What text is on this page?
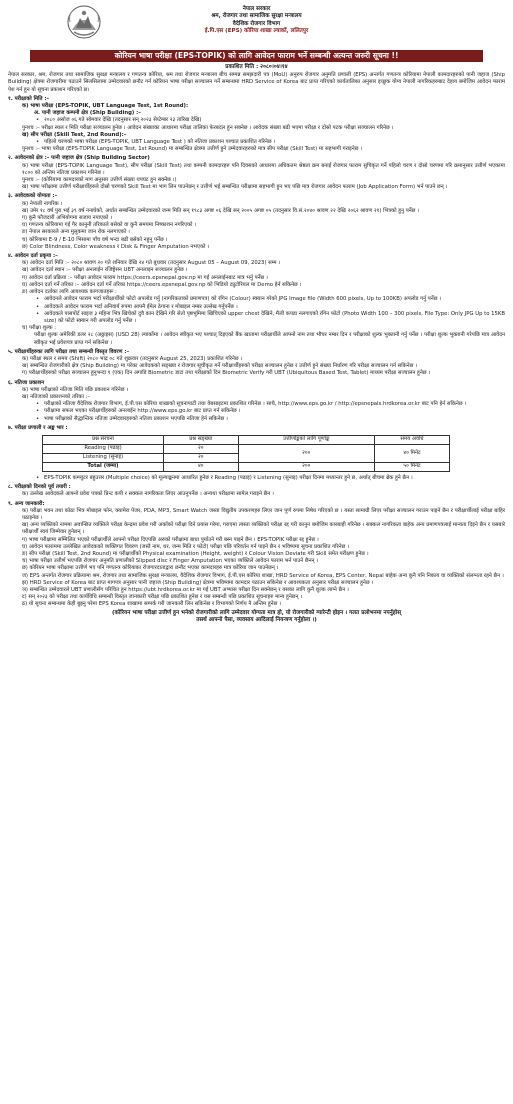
नेपाल सरकार
श्रम, रोजगार तथा सामाजिक सुरक्षा मन्त्रालय
वैदेशिक रोजगार विभाग
ई.पि.एस (EPS) कोरिया शाखा ल्याकों, ललितपुर
कोरियन भाषा परीक्षा (EPS-TOPIK) को लागि आवेदन फाराम भर्ने सम्बन्धी अत्यन्त जरुरी सूचना !!
प्रकाशित मिति : २०८०।०४।१४

नेपाल सरकार, श्रम, रोजगार तथा सामाजिक सुरक्षा मन्त्रालय र गणतन्त्र कोरिया, श्रम तथा रोजगार मन्त्रालय बीच सम्पन्न समझदारी पत्र (MoU) अनुरुप रोजगार अनुमति प्रणाली (EPS) अन्तर्गत गणतन्त्र कोरियामा नेपाली कामदारहरुको पानी जहाज (Ship Building) क्षेत्रमा रोजगारीमा पठाउने सिलसिलामा उम्मेदवारको छनौट गर्न कोरियन भाषा परीक्षा सञ्चालन गर्ने सम्बन्धमा HRD Service of Korea बाट प्राप्त गरिएको कार्यतालिका अनुसार इच्छुक योग्य नेपाली नागरिकहरुबाट देहाय बमोजिम आवेदन फाराम पेश गर्न हुन यो सूचना प्रकाशन गरिएको छ।

१. परीक्षाको मिति :–

क) भाषा परीक्षा (EPS-TOPIK, UBT Language Test, 1st Round):

अ. पानी जहाज कम्पनी क्षेत्र (Ship Building) :–

• २०८० असोज ०६ गते सोमवार देखि (तदनुसार सन् २०२३ सेप्टेम्बर २३ तारिख देखि)

पुनश्च :– परीक्षा स्थल र मिति परीक्षा सञ्चालन हुनेछ । आवेदन संख्याका आधारमा परीक्षा तालिका फेरबदल हुन सक्नेछ । आवेदक संख्या बढी भएमा परीक्षा र दोस्रो पटक परीक्षा सञ्चालन गरिनेछ ।

ख) सीप परीक्षा (Skill Test, 2nd Round):–

• पहिलो चरणको भाषा परीक्षा (EPS-TOPIK, UBT Language Test ) को नतिजा प्रकाशन पश्चात प्रकाशित गरिनेछ ।

पुनश्च :– भाषा परीक्षा (EPS-TOPIK Language Test, 1st Round) मा सम्बन्धित क्षेत्रमा उत्तीर्ण हुने उम्मेदवारहरुको मात्र सीप परीक्षा (Skill Test) मा सहभागी गराइनेछ ।

२. आवेदनको क्षेत्र :– पानी जहाज क्षेत्र (Ship Building Sector)

क) भाषा परीक्षा (EPS-TOPIK Language Test), सीप परीक्षा (Skill Test) तथा कम्पनी कामदारहरु पनि दिवसको आधारमा अधिकतम श्रेष्ठता क्रम बनाई रोजगार फाराम सुचिकृत गर्ने पहिलो चरण र दोस्रो चरणमा गरि क्रमानुसार उत्तीर्ण भएकामा १८०० को अन्तिम नतिजा प्रकाशन गरिनेछ ।

पुनश्च :– (कोरियामा कामदारको माग अनुसार उत्तीर्ण संख्या थपघट हुन सक्नेछ ।)

ख) भाषा परीक्षामा उत्तीर्ण परीक्षार्थीहरुले दोस्रो चरणको Skill Test मा भाग लिन पाउनेछन् र उत्तीर्ण भई सम्बन्धित परीक्षामा सहभागी हुन भए पछि मात्र रोजगार आवेदन फाराम (Job Application Form) भर्न पाउने छन् ।

३. आवेदकको योग्यता :–

क) नेपाली नागरिक ।

ख) उमेर १८ वर्ष पुरा भई ३९ वर्ष ननाघेको, अर्थात सम्बन्धित उम्मेदवारको जन्म मिति सन् १९८३ अगष्ट ०६ देखि सन् २००५ अगष्ट ०५ (तदनुसार वि.सं.२०४० श्रावण २२ देखि २०६२ श्रावण २१) भित्रको हुनु पर्नेछ ।

ग) कुनै फौजदारी अभियोगमा सजाय नपाएको ।

घ) गणतन्त्र कोरियामा गई गैर कानुनी तरिकाले बसेको वा कुनै समयमा निष्काशन नगरिएको ।

ङ) नेपाल सरकारले अन्य मुलुकमा जान रोक नलगाएको ।

च) कोरियामा E-9 / E-10 भिसामा पाँच वर्ष भन्दा बढी बसेको नहुनु पर्नेछ ।

छ) Color Blindness, Color weakness र Disk & Finger Amputation नभएको ।

४. आवेदन दर्ता प्रकृया :–

क) आवेदन दर्ता मिति :– २०८० श्रावण २० गते शनिवार देखि २४ गते बुधवार (तदनुसार August 05 – August 09, 2023) सम्म ।

ख) आवेदन दर्ता स्थान :– परीक्षा अनलाईन रजिष्ट्रेसन UBT अनलाइन सञ्चालन हुनेछ ।

ग) आवेदन दर्ता प्रक्रिया :– परीक्षा आवेदन फाराम https://ceers.epsnepal.gov.np मा गई अनलाईनबाट मात्र भर्नु पर्नेछ ।

घ) आवेदन दर्ता गर्ने तरिका :– आवेदन दर्ता गर्ने तरिका https://ceers.epsnepal.gov.np को भिडियो ट्युटोरियल मा Demo हेर्न सकिनेछ ।

ङ) आवेदन दर्ताका लागि आवश्यक कागजातहरू :

• आवेदनले आवेदन फाराम भर्दा परीक्षार्थीको फोटो अपलोड गर्नु (नागरिकताको प्रमाणपत्र) को रंगिन (Colour) स्क्यान गरेको JPG Image file (Width 600 pixels, Up to 100KB) अपलोड गर्नु पर्नेछ ।

• आवेदकले आवेदन फाराम भर्दा अनिवार्य रुपमा आफ्नै ईमेल ठेगाना र मोबाइल नम्बर उल्लेख गर्नुपर्नेछ ।

• आवेदकले पासपोर्ट साइज ३ महिना भित्र खिचेको दुवै कान देखिने गरि सेतो पृष्ठभूमिमा खिचिएको upper chest देखिने, मैली कपडा नलगाएको रंगिन फोटो (Photo Width 100 – 300 pixels, File Type: Only JPG Up to 15KB size) को फोटो स्क्यान गरी अपलोड गर्नु पर्नेछ ।

च) परीक्षा शुल्क :

परीक्षा शुल्क अमेरिकी डलर २८ (अठ्ठाइस) (USD 28) ल्याकोंमा । आवेदन स्वीकृत भए पश्चात् दिइएको बैंक खातामा परीक्षार्थीले आफ्नो नाम तथा भौचर नम्बर दिन र परीक्षाको शुल्क भुक्तानी गर्नु पर्नेछ । परीक्षा शुल्क भुक्तानी गरेपछि मात्र आवेदन स्वीकृत भई प्रवेशपत्र प्राप्त गर्न सकिनेछ ।

५. परीक्षार्थीहरुका लागि परीक्षा तथा सम्बन्धी विस्तृत विवरण :–

क) परीक्षा स्थल र समय (Shift) २०८० भाद्र ०८ गते शुक्रवार (तदनुसार August 25, 2023) प्रकाशित गरिनेछ ।

ख) सम्बन्धित रोजगारीको क्षेत्र (Ship Building) मा परेका आवेदकको सङ्ख्या र रोजगार सूचीकृत गर्ने परीक्षार्थीहरुको परीक्षा सञ्चालन हुनेछ र उत्तीर्ण हुने संख्या निर्धारण गरि परीक्षा सञ्चालन गर्न सकिनेछ ।

ग) परीक्षार्थीहरुको परीक्षा सञ्चालन हुनुभन्दा १ (एक) दिन अगाडि Biometric डाटा तथा परीक्षाको दिन Biometric Verify गरी UBT (Ubiquitous Based Test, Tablet) माध्यम परीक्षा सञ्चालन हुनेछ ।

६. नतिजा प्रकाशन

क) भाषा परीक्षाको नतिजा मिति पछि प्रकाशन गरिनेछ ।

ख) नतिजाको प्रकाशनको तरिका :–

• परीक्षाको नतिजा वैदेशिक रोजगार विभाग, ई.पी.एस कोरिया शाखाको सूचनापाटी तथा वेबसाइटमा प्रकाशित गरिनेछ । साथै, http://www.eps.go.kr / http://epsnepals.hrdkorea.or.kr बाट पनि हेर्न सकिनेछ ।

• परीक्षामा सफल भएका परीक्षार्थीहरुको अनलाईन http://www.eps.go.kr बाट प्राप्त गर्न सकिनेछ ।

• भाषा परीक्षाको सैद्धान्तिक नतिजा उम्मेदवारहरुको नतिजा प्रकाशन भएपछि नतिजा हेर्न सकिनेछ ।

७. परीक्षा प्रणाली र अङ्क भार :

प्रश्न संरचना	प्रश्न सङ्ख्या	उत्तीर्णाङ्कको लागि पूर्णाङ्क	समय अवधि
Reading (पढाइ)	२०	२००	४० मिनेट
Listening (सुनाइ)	२०		
Total (जम्मा)	४०	२००	५० मिनेट

• EPS-TOPIK कम्प्युटर बहुउत्तर (Multiple choice) को मूल्याङ्कनमा आधारित हुनेछ र Reading (पढाइ) र Listening (सुनाइ) परीक्षा दिनमा मध्यान्तर हुने छ, अर्थात् बीचमा ब्रेक हुने छैन ।

८. परीक्षाको दिनको पूर्व तयारी :

क) उल्लेख आवेदकले आफ्नो प्रवेश पत्रको प्रिन्ट कपी र सक्कल नागरिकता लिएर आउनुपर्नेछ । अन्यथा परीक्षामा सामेल गराइने छैन ।

९. अन्य जानकारी:

क) परीक्षा भवन तथा कोठा भित्र मोबाइल फोन, क्यामेरा पेजर, PDA, MP3, Smart Watch जस्ता विद्युतीय उपकरणहरु लिएर जान पूर्ण रुपमा निषेध गरिएको छ । यस्ता सामाग्री लिएर परीक्षा सञ्चालन गराउन पाइने छैन र परीक्षार्थीलाई परीक्षा बाहिर पठाइनेछ ।

ख) अन्य व्यक्तिको नाममा अवान्छित व्यक्तिले परीक्षा केन्द्रमा प्रवेश गरी अर्काको परीक्षा दिने प्रयास गरेमा, गराएमा त्यस्ता व्यक्तिको परीक्षा रद्द गरी कानुन बमोजिम कारबाही गरिनेछ । सक्कल नागरिकता बाहेक अन्य प्रमाणपत्रलाई मान्यता दिइने छैन र यसबारे परीक्षार्थी स्वयं जिम्मेवार हुनेछन् ।

ग) भाषा परीक्षामा सम्मिलित भएको परीक्षार्थीले आफ्नो परीक्षा दिएपछि अरुको परीक्षामा बाधा पुर्याउने गरी बस्न पाइने छैन । EPS-TOPIK परीक्षा रद्द हुनेछ ।

घ) आवेदन फाराममा उल्लेखित आवेदकको व्यक्तिगत विवरण (जस्तै नाम, थर, जन्म मिति र फोटो) परीक्षा पछि परिवर्तन गर्न पाइने छैन र भविष्यमा सूचना प्रकाशित गरिनेछ ।

ङ) सीप परीक्षा (Skill Test, 2nd Round) मा परीक्षार्थीको Physical examination (Height, weight) र Colour Vision Deviate गरी Skill समेत परीक्षण हुनेछ ।

च) भाषा परीक्षा उत्तीर्ण भएपछि रोजगार अनुमति प्रणालीको Slipped disc र Finger Amputation भएका व्यक्तिले आवेदन फाराम भर्न पाउने छैनन् ।

छ) कोरियन भाषा परीक्षामा उत्तीर्ण भए पनि गणतन्त्र कोरियाका रोजगारदाताद्वारा छनौट भएका कामदारहरु मात्र कोरिया जान पाउनेछन् ।

ज) EPS अन्तर्गत रोजगार प्रक्रियामा श्रम, रोजगार तथा सामाजिक सुरक्षा मन्त्रालय, वैदेशिक रोजगार विभाग, ई.पी.एस कोरिया शाखा, HRD Service of Korea, EPS Center, Nepal बाहेक अन्य कुनै पनि निकाय वा व्यक्तिको संलग्नता रहने छैन ।

झ) HRD Service of Korea बाट प्राप्त मागपत्र अनुसार पानी जहाज (Ship Building) क्षेत्रमा भविष्यमा कामदार पठाउन सकिनेछ र आवश्यकता अनुसार परीक्षा सञ्चालन हुनेछ ।

ञ) सम्बन्धित उम्मेदवारले UBT प्रणालीसँग परिचित हुन https://ubt.hrdkorea.or.kr मा गई UBT अभ्यास परीक्षा दिन सक्नेछन् र यसका लागि कुनै शुल्क लाग्ने छैन ।

ट) सन् २०२३ को परीक्षा तथा कार्यविधि सम्बन्धी विस्तृत जानकारी परीक्षा पछि प्रकाशित हुनेछ र यस सम्बन्धी पछि प्रकाशित सूचनाहरु मान्य हुनेछन् ।

ठ) यो सूचना सम्बन्धमा केही बुझ्नु परेमा EPS Korea शाखामा सम्पर्क गरी जानकारी लिन सकिनेछ र विभागको निर्णय नै अन्तिम हुनेछ ।

(कोरियन भाषा परीक्षा उत्तीर्ण हुन भनेको रोजगारीको लागि उम्मेदवार योग्यता मात्र हो, यो रोजगारीको ग्यारेन्टी होइन । गलत प्रलोभनमा नपर्नुहोस्
तसर्थ आफ्नो पैसा, व्यवसाय आदिलाई नियन्त्रण गर्नुहोला ।)
